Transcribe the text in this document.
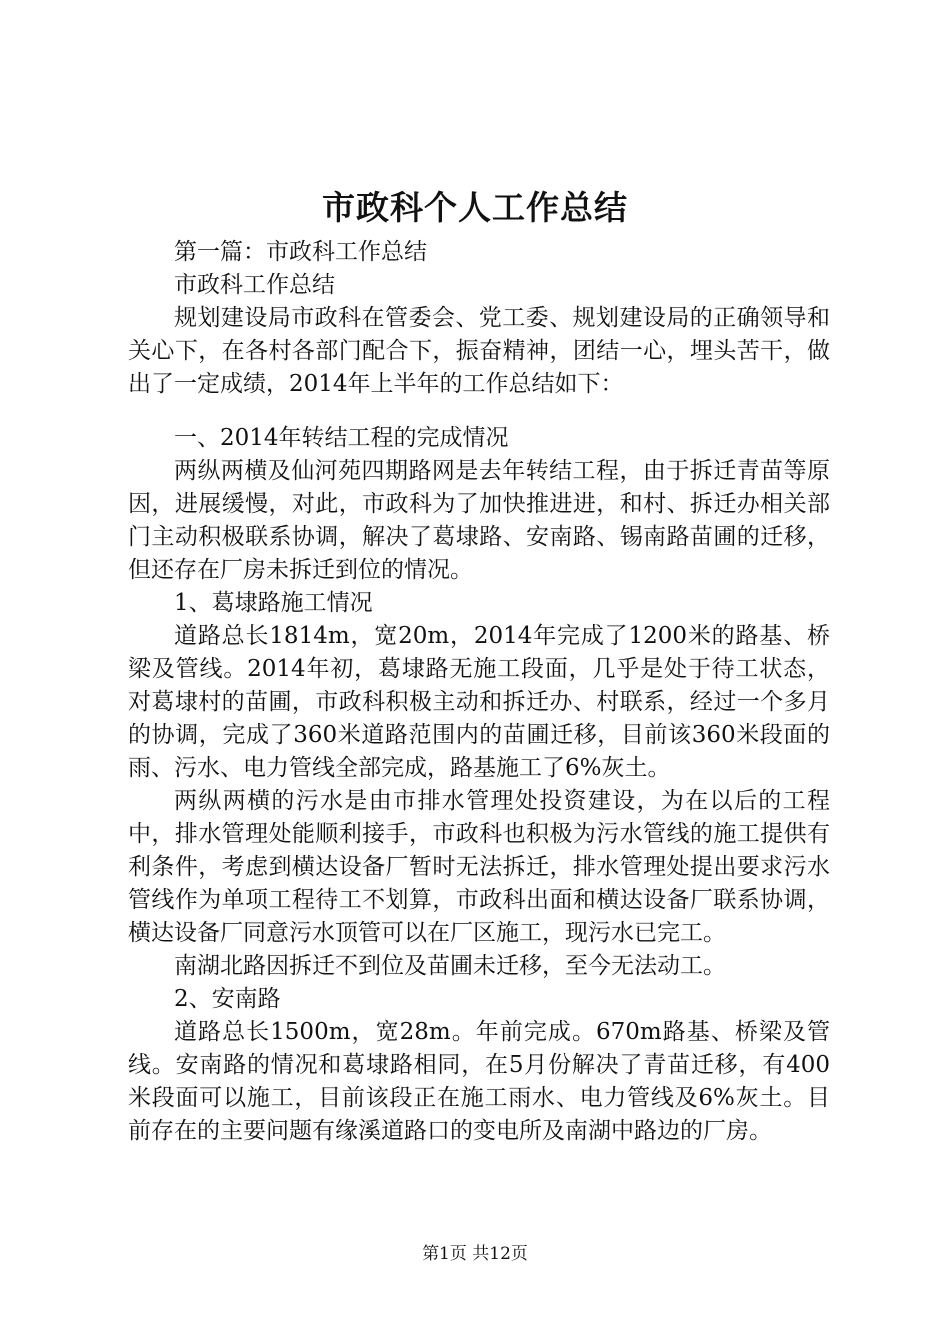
市政科个人工作总结

第一篇：市政科工作总结

市政科工作总结

规划建设局市政科在管委会、党工委、规划建设局的正确领导和关心下，在各村各部门配合下，振奋精神，团结一心，埋头苦干，做出了一定成绩，2014年上半年的工作总结如下：

一、2014年转结工程的完成情况

两纵两横及仙河苑四期路网是去年转结工程，由于拆迁青苗等原因，进展缓慢，对此，市政科为了加快推进进，和村、拆迁办相关部门主动积极联系协调，解决了葛埭路、安南路、锡南路苗圃的迁移，但还存在厂房未拆迁到位的情况。

1、葛埭路施工情况

道路总长1814m，宽20m，2014年完成了1200米的路基、桥梁及管线。2014年初，葛埭路无施工段面，几乎是处于待工状态，对葛埭村的苗圃，市政科积极主动和拆迁办、村联系，经过一个多月的协调，完成了360米道路范围内的苗圃迁移，目前该360米段面的雨、污水、电力管线全部完成，路基施工了6%灰土。

两纵两横的污水是由市排水管理处投资建设，为在以后的工程中，排水管理处能顺利接手，市政科也积极为污水管线的施工提供有利条件，考虑到横达设备厂暂时无法拆迁，排水管理处提出要求污水管线作为单项工程待工不划算，市政科出面和横达设备厂联系协调，横达设备厂同意污水顶管可以在厂区施工，现污水已完工。

南湖北路因拆迁不到位及苗圃未迁移，至今无法动工。

2、安南路

道路总长1500m，宽28m。年前完成。670m路基、桥梁及管线。安南路的情况和葛埭路相同，在5月份解决了青苗迁移，有400米段面可以施工，目前该段正在施工雨水、电力管线及6%灰土。目前存在的主要问题有缘溪道路口的变电所及南湖中路边的厂房。

第1页 共12页
